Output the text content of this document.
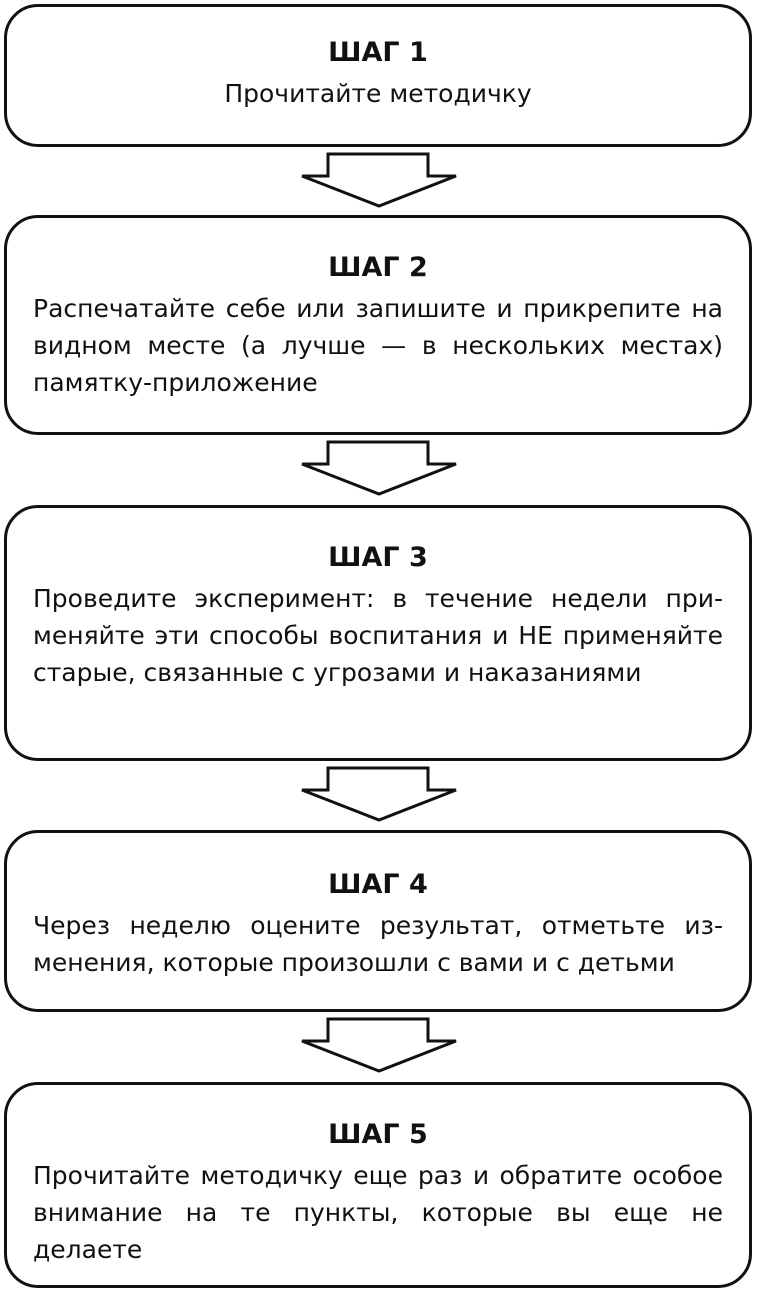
ШАГ 1
Прочитайте методичку
ШАГ 2
Распечатайте себе или запишите и прикрепите на видном месте (а лучше — в нескольких местах) памятку-приложение
ШАГ 3
Проведите эксперимент: в течение недели применяйте эти способы воспитания и НЕ применяйте старые, связанные с угрозами и наказаниями
ШАГ 4
Через неделю оцените результат, отметьте изменения, которые произошли с вами и с детьми
ШАГ 5
Прочитайте методичку еще раз и обратите особое внимание на те пункты, которые вы еще не делаете
